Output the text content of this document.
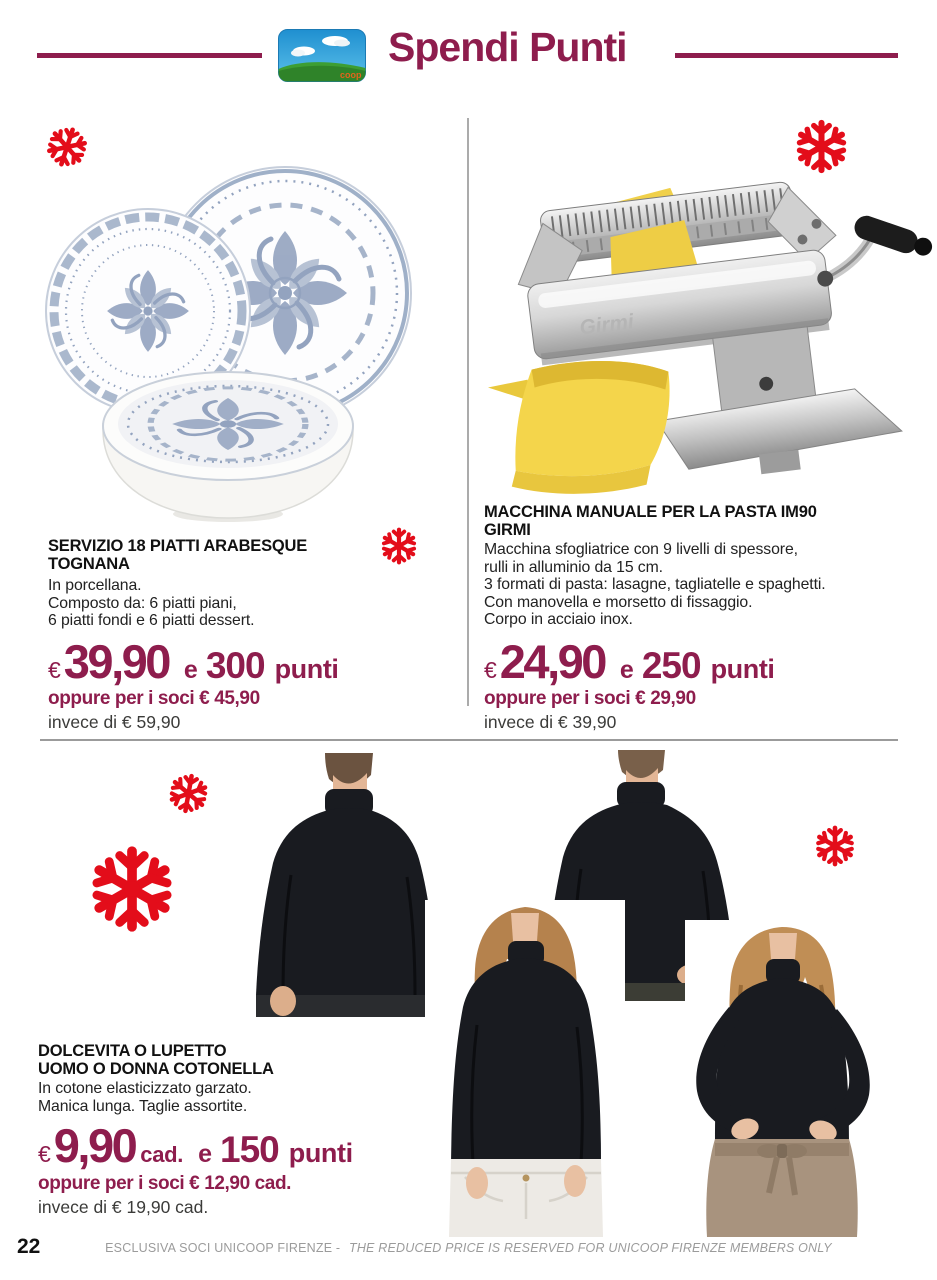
coop
Spendi Punti
Girmi
SERVIZIO 18 PIATTI ARABESQUE
TOGNANA
In porcellana.
Composto da: 6 piatti piani,
6 piatti fondi e 6 piatti dessert.
€ 39,90 e 300 punti
oppure per i soci € 45,90
invece di € 59,90
MACCHINA MANUALE PER LA PASTA IM90
GIRMI
Macchina sfogliatrice con 9 livelli di spessore,
rulli in alluminio da 15 cm.
3 formati di pasta: lasagne, tagliatelle e spaghetti.
Con manovella e morsetto di fissaggio.
Corpo in acciaio inox.
€ 24,90 e 250 punti
oppure per i soci € 29,90
invece di € 39,90
DOLCEVITA O LUPETTO
UOMO O DONNA COTONELLA
In cotone elasticizzato garzato.
Manica lunga. Taglie assortite.
€ 9,90 cad. e 150 punti
oppure per i soci € 12,90 cad.
invece di € 19,90 cad.
22	ESCLUSIVA SOCI UNICOOP FIRENZE - THE REDUCED PRICE IS RESERVED FOR UNICOOP FIRENZE MEMBERS ONLY
